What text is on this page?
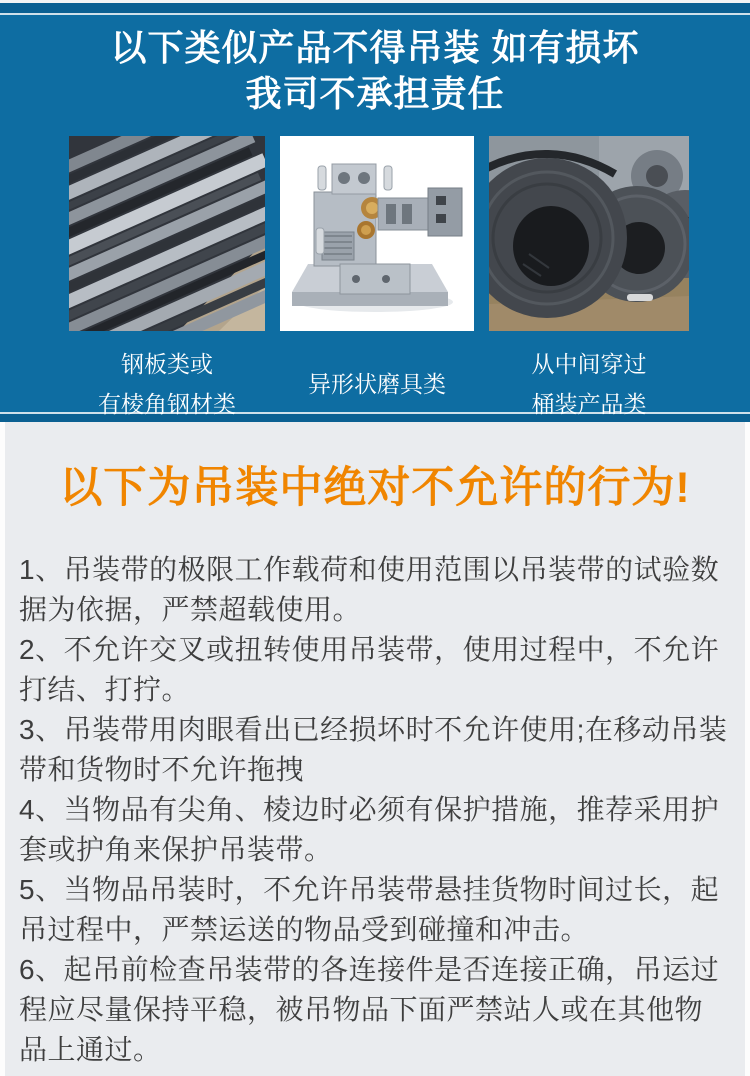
以下类似产品不得吊装 如有损坏
我司不承担责任
钢板类或
有棱角钢材类
异形状磨具类
从中间穿过
桶装产品类
以下为吊装中绝对不允许的行为!
1、吊装带的极限工作载荷和使用范围以吊装带的试验数据为依据，严禁超载使用。
2、不允许交叉或扭转使用吊装带，使用过程中，不允许打结、打拧。
3、吊装带用肉眼看出已经损坏时不允许使用;在移动吊装带和货物时不允许拖拽
4、当物品有尖角、棱边时必须有保护措施，推荐采用护套或护角来保护吊装带。
5、当物品吊装时，不允许吊装带悬挂货物时间过长，起吊过程中，严禁运送的物品受到碰撞和冲击。
6、起吊前检查吊装带的各连接件是否连接正确，吊运过程应尽量保持平稳，被吊物品下面严禁站人或在其他物品上通过。
